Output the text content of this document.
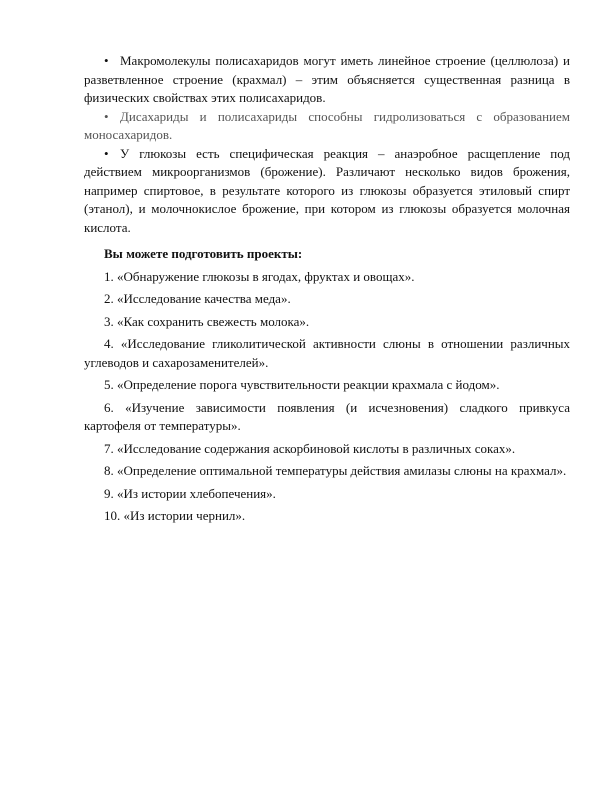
• Макромолекулы полисахаридов могут иметь линейное строение (целлюлоза) и разветвленное строение (крахмал) – этим объясняется существенная разница в физических свойствах этих полисахаридов.

• Дисахариды и полисахариды способны гидролизоваться с образованием моносахаридов.

• У глюкозы есть специфическая реакция – анаэробное расщепление под действием микроорганизмов (брожение). Различают несколько видов брожения, например спиртовое, в результате которого из глюкозы образуется этиловый спирт (этанол), и молочнокислое брожение, при котором из глюкозы образуется молочная кислота.

Вы можете подготовить проекты:

1. «Обнаружение глюкозы в ягодах, фруктах и овощах».
2. «Исследование качества меда».
3. «Как сохранить свежесть молока».
4. «Исследование гликолитической активности слюны в отношении различных углеводов и сахарозаменителей».
5. «Определение порога чувствительности реакции крахмала с йодом».
6. «Изучение зависимости появления (и исчезновения) сладкого привкуса картофеля от температуры».
7. «Исследование содержания аскорбиновой кислоты в различных соках».
8. «Определение оптимальной температуры действия амилазы слюны на крахмал».
9. «Из истории хлебопечения».
10. «Из истории чернил».
